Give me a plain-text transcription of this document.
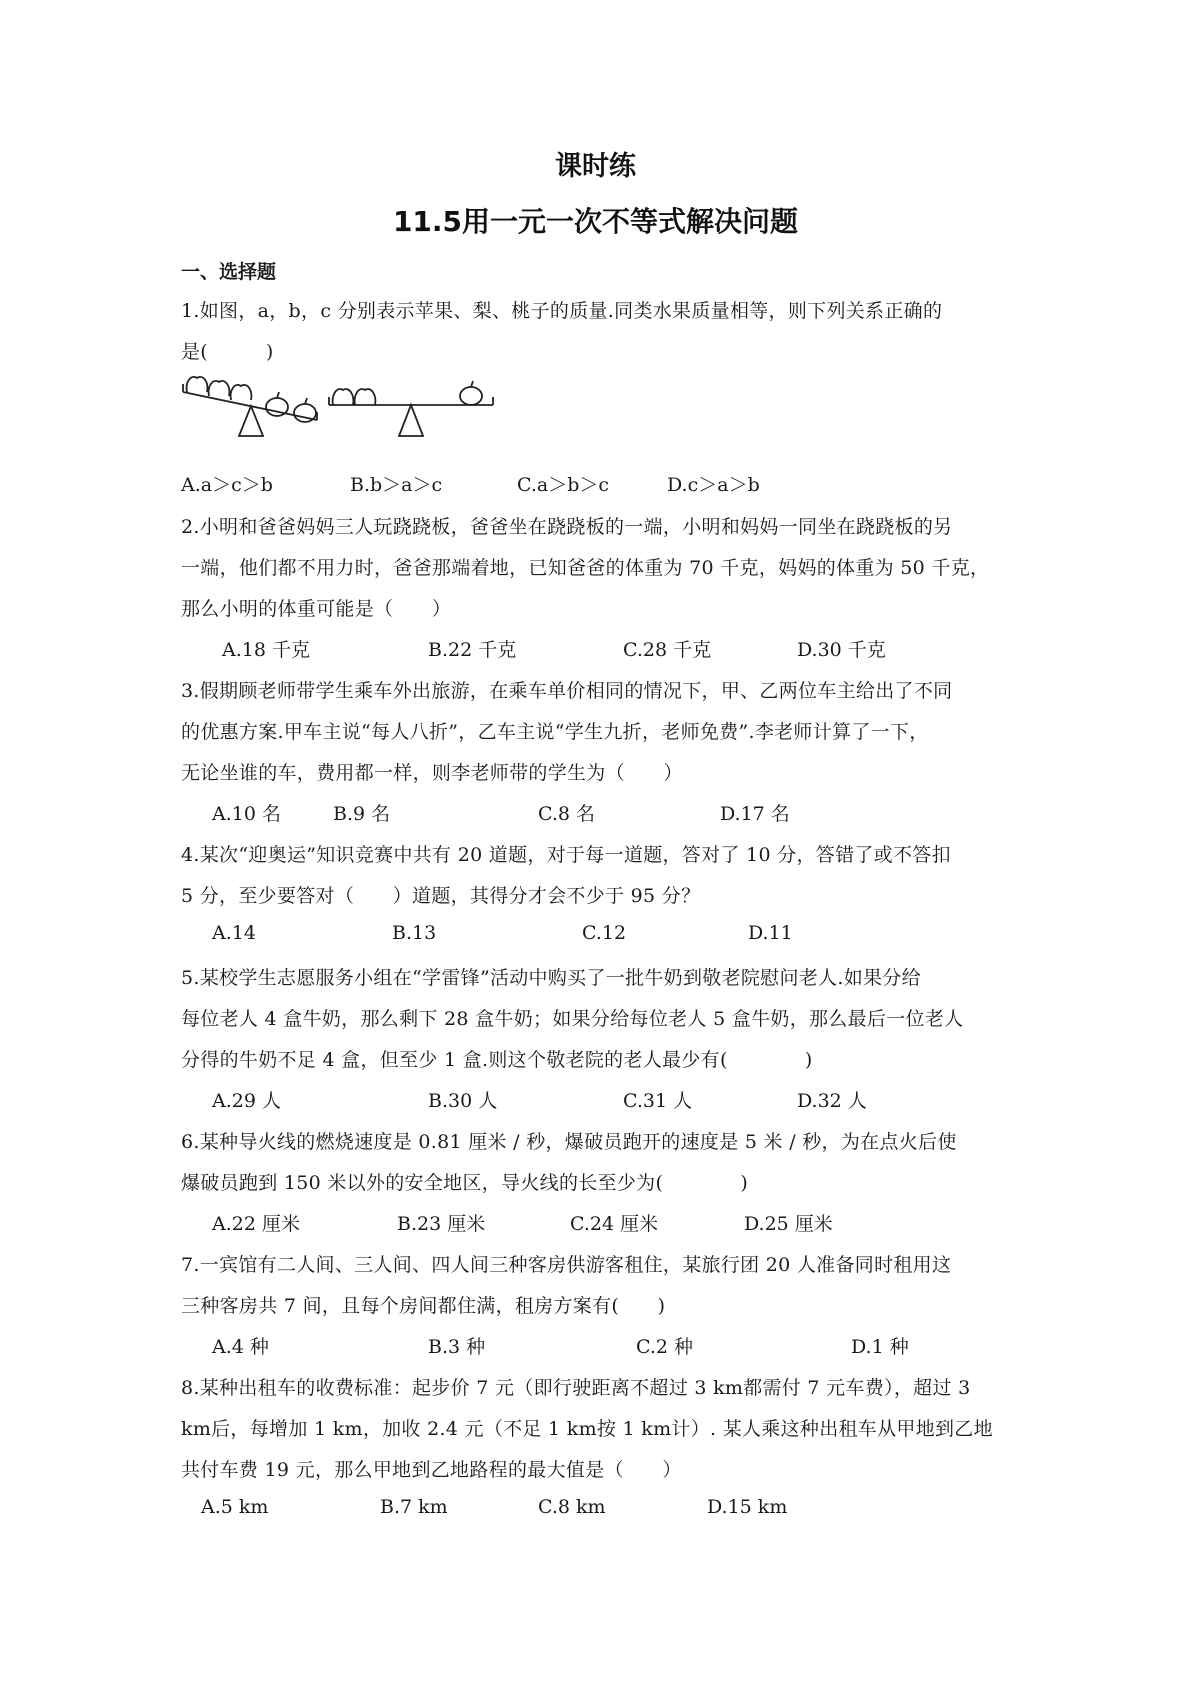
课时练
11.5用一元一次不等式解决问题
一、选择题
1.如图，a，b，c 分别表示苹果、梨、桃子的质量.同类水果质量相等，则下列关系正确的
是(　　　)
A.a＞c＞b	B.b＞a＞c	C.a＞b＞c	D.c＞a＞b
2.小明和爸爸妈妈三人玩跷跷板，爸爸坐在跷跷板的一端，小明和妈妈一同坐在跷跷板的另
一端，他们都不用力时，爸爸那端着地，已知爸爸的体重为 70 千克，妈妈的体重为 50 千克，
那么小明的体重可能是（　　）
A.18 千克	B.22 千克	C.28 千克	D.30 千克
3.假期顾老师带学生乘车外出旅游，在乘车单价相同的情况下，甲、乙两位车主给出了不同
的优惠方案.甲车主说“每人八折”，乙车主说“学生九折，老师免费”.李老师计算了一下，
无论坐谁的车，费用都一样，则李老师带的学生为（　　）
A.10 名	B.9 名	C.8 名	D.17 名
4.某次“迎奥运”知识竞赛中共有 20 道题，对于每一道题，答对了 10 分，答错了或不答扣
5 分，至少要答对（　　）道题，其得分才会不少于 95 分？
A.14	B.13	C.12	D.11
5.某校学生志愿服务小组在“学雷锋”活动中购买了一批牛奶到敬老院慰问老人.如果分给
每位老人 4 盒牛奶，那么剩下 28 盒牛奶；如果分给每位老人 5 盒牛奶，那么最后一位老人
分得的牛奶不足 4 盒，但至少 1 盒.则这个敬老院的老人最少有(　　　　)
A.29 人	B.30 人	C.31 人	D.32 人
6.某种导火线的燃烧速度是 0.81 厘米 / 秒，爆破员跑开的速度是 5 米 / 秒，为在点火后使
爆破员跑到 150 米以外的安全地区，导火线的长至少为(　　　　)
A.22 厘米	B.23 厘米	C.24 厘米	D.25 厘米
7.一宾馆有二人间、三人间、四人间三种客房供游客租住，某旅行团 20 人准备同时租用这
三种客房共 7 间，且每个房间都住满，租房方案有(　　)
A.4 种	B.3 种	C.2 种	D.1 种
8.某种出租车的收费标准：起步价 7 元（即行驶距离不超过 3 km都需付 7 元车费），超过 3
km后，每增加 1 km，加收 2.4 元（不足 1 km按 1 km计）. 某人乘这种出租车从甲地到乙地
共付车费 19 元，那么甲地到乙地路程的最大值是（　　）
A.5 km	B.7 km	C.8 km	D.15 km
